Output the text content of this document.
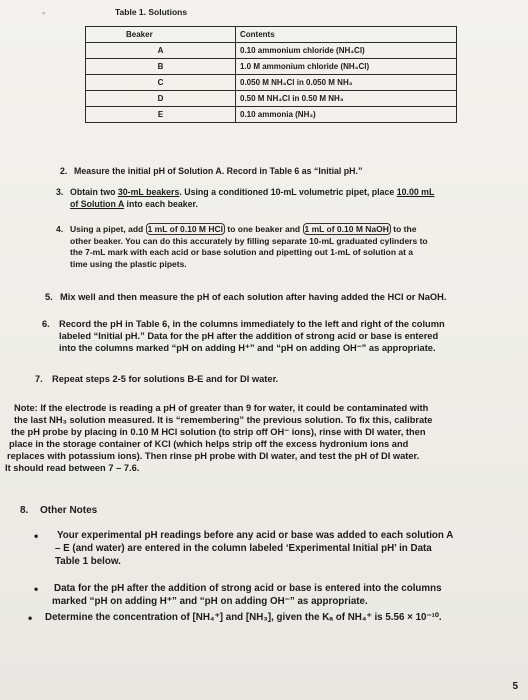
-	Table 1. Solutions
Beaker	Contents
A	0.10 ammonium chloride (NH₄Cl)
B	1.0 M ammonium chloride (NH₄Cl)
C	0.050 M NH₄Cl in 0.050 M NH₃
D	0.50 M NH₄Cl in 0.50 M NH₃
E	0.10 ammonia (NH₃)
2. Measure the initial pH of Solution A. Record in Table 6 as “Initial pH.”
3. Obtain two 30-mL beakers. Using a conditioned 10-mL volumetric pipet, place 10.00 mL
of Solution A into each beaker.
4. Using a pipet, add 1 mL of 0.10 M HCl to one beaker and 1 mL of 0.10 M NaOH to the
other beaker. You can do this accurately by filling separate 10-mL graduated cylinders to
the 7-mL mark with each acid or base solution and pipetting out 1-mL of solution at a
time using the plastic pipets.
5. Mix well and then measure the pH of each solution after having added the HCl or NaOH.
6. Record the pH in Table 6, in the columns immediately to the left and right of the column
labeled “Initial pH.” Data for the pH after the addition of strong acid or base is entered
into the columns marked “pH on adding H⁺” and “pH on adding OH⁻” as appropriate.
7. Repeat steps 2-5 for solutions B-E and for DI water.
Note: If the electrode is reading a pH of greater than 9 for water, it could be contaminated with
the last NH₃ solution measured. It is “remembering” the previous solution. To fix this, calibrate
the pH probe by placing in 0.10 M HCl solution (to strip off OH⁻ ions), rinse with DI water, then
place in the storage container of KCl (which helps strip off the excess hydronium ions and
replaces with potassium ions). Then rinse pH probe with DI water, and test the pH of DI water.
It should read between 7 – 7.6.
8. Other Notes
• Your experimental pH readings before any acid or base was added to each solution A
– E (and water) are entered in the column labeled ‘Experimental Initial pH’ in Data
Table 1 below.
• Data for the pH after the addition of strong acid or base is entered into the columns
marked “pH on adding H⁺” and “pH on adding OH⁻” as appropriate.
• Determine the concentration of [NH₄⁺] and [NH₃], given the Kₐ of NH₄⁺ is 5.56 × 10⁻¹⁰.
5
